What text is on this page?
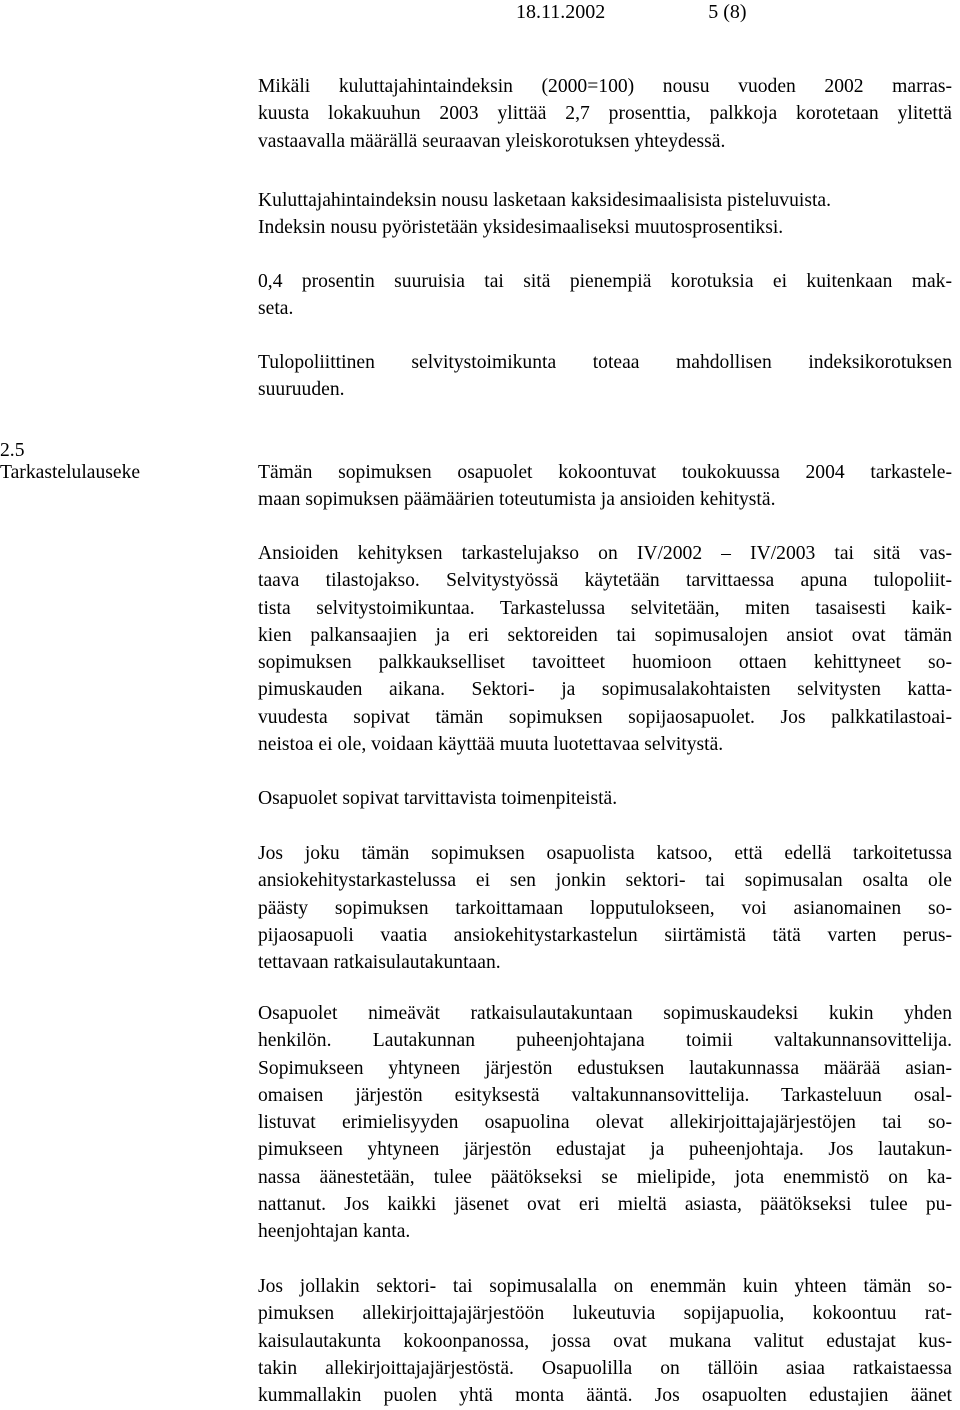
18.11.2002	5 (8)
2.5
Tarkastelulauseke

Mikäli kuluttajahintaindeksin (2000=100) nousu vuoden 2002 marras-
kuusta lokakuuhun 2003 ylittää 2,7 prosenttia, palkkoja korotetaan ylitettä
vastaavalla määrällä seuraavan yleiskorotuksen yhteydessä.

Kuluttajahintaindeksin nousu lasketaan kaksidesimaalisista pisteluvuista.
Indeksin nousu pyöristetään yksidesimaaliseksi muutosprosentiksi.

0,4 prosentin suuruisia tai sitä pienempiä korotuksia ei kuitenkaan mak-
seta.

Tulopoliittinen selvitystoimikunta toteaa mahdollisen indeksikorotuksen
suuruuden.

Tämän sopimuksen osapuolet kokoontuvat toukokuussa 2004 tarkastele-
maan sopimuksen päämäärien toteutumista ja ansioiden kehitystä.

Ansioiden kehityksen tarkastelujakso on IV/2002 – IV/2003 tai sitä vas-
taava tilastojakso. Selvitystyössä käytetään tarvittaessa apuna tulopoliit-
tista selvitystoimikuntaa. Tarkastelussa selvitetään, miten tasaisesti kaik-
kien palkansaajien ja eri sektoreiden tai sopimusalojen ansiot ovat tämän
sopimuksen palkkaukselliset tavoitteet huomioon ottaen kehittyneet so-
pimuskauden aikana. Sektori- ja sopimusalakohtaisten selvitysten katta-
vuudesta sopivat tämän sopimuksen sopijaosapuolet. Jos palkkatilastoai-
neistoa ei ole, voidaan käyttää muuta luotettavaa selvitystä.

Osapuolet sopivat tarvittavista toimenpiteistä.

Jos joku tämän sopimuksen osapuolista katsoo, että edellä tarkoitetussa
ansiokehitystarkastelussa ei sen jonkin sektori- tai sopimusalan osalta ole
päästy sopimuksen tarkoittamaan lopputulokseen, voi asianomainen so-
pijaosapuoli vaatia ansiokehitystarkastelun siirtämistä tätä varten perus-
tettavaan ratkaisulautakuntaan.

Osapuolet nimeävät ratkaisulautakuntaan sopimuskaudeksi kukin yhden
henkilön. Lautakunnan puheenjohtajana toimii valtakunnansovittelija.
Sopimukseen yhtyneen järjestön edustuksen lautakunnassa määrää asian-
omaisen järjestön esityksestä valtakunnansovittelija. Tarkasteluun osal-
listuvat erimielisyyden osapuolina olevat allekirjoittajajärjestöjen tai so-
pimukseen yhtyneen järjestön edustajat ja puheenjohtaja. Jos lautakun-
nassa äänestetään, tulee päätökseksi se mielipide, jota enemmistö on ka-
nattanut. Jos kaikki jäsenet ovat eri mieltä asiasta, päätökseksi tulee pu-
heenjohtajan kanta.

Jos jollakin sektori- tai sopimusalalla on enemmän kuin yhteen tämän so-
pimuksen allekirjoittajajärjestöön lukeutuvia sopijapuolia, kokoontuu rat-
kaisulautakunta kokoonpanossa, jossa ovat mukana valitut edustajat kus-
takin allekirjoittajajärjestöstä. Osapuolilla on tällöin asiaa ratkaistaessa
kummallakin puolen yhtä monta ääntä. Jos osapuolten edustajien äänet
